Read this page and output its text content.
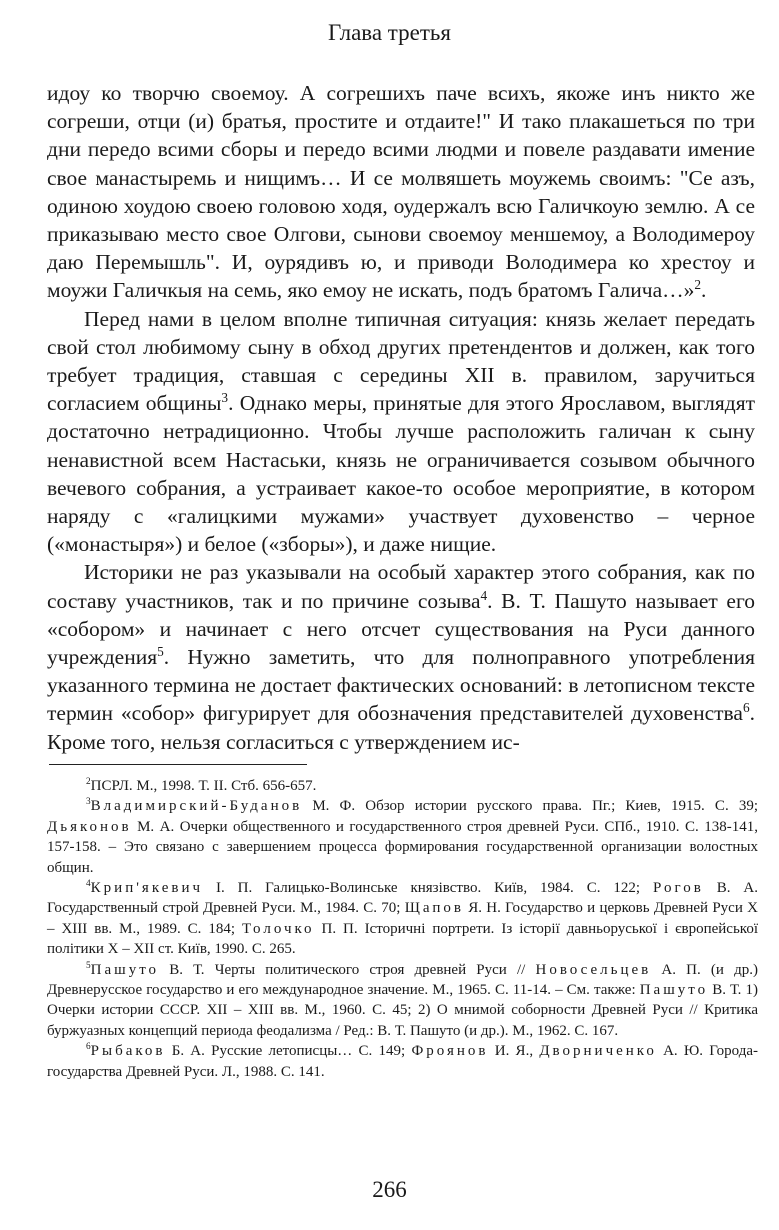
Глава третья

идоу ко творчю своемоу. А согрешихъ паче всихъ, якоже инъ никто же согреши, отци (и) братья, простите и отдаите!" И тако плакашеться по три дни передо всими сборы и передо всими людми и повеле раздавати имение свое манастыремь и нищимъ… И се молвяшеть моужемь своимъ: "Се азъ, одиною хоудою своею головою ходя, оудержалъ всю Галичкоую землю. А се приказываю место свое Олгови, сынови своемоу меншемоу, а Володимероу даю Перемышль". И, оурядивъ ю, и приводи Володимера ко хрестоу и моужи Галичкыя на семь, яко емоу не искать, подъ братомъ Галича…»$^2$.

Перед нами в целом вполне типичная ситуация: князь желает передать свой стол любимому сыну в обход других претендентов и должен, как того требует традиция, ставшая с середины XII в. правилом, заручиться согласием общины$^3$. Однако меры, принятые для этого Ярославом, выглядят достаточно нетрадиционно. Чтобы лучше расположить галичан к сыну ненавистной всем Настаськи, князь не ограничивается созывом обычного вечевого собрания, а устраивает какое-то особое мероприятие, в котором наряду с «галицкими мужами» участвует духовенство – черное («монастыря») и белое («зборы»), и даже нищие.

Историки не раз указывали на особый характер этого собрания, как по составу участников, так и по причине созыва$^4$. В. Т. Пашуто называет его «собором» и начинает с него отсчет существования на Руси данного учреждения$^5$. Нужно заметить, что для полноправного употребления указанного термина не достает фактических оснований: в летописном тексте термин «собор» фигурирует для обозначения представителей духовенства$^6$. Кроме того, нельзя согласиться с утверждением ис-

$^2$ПСРЛ. М., 1998. Т. II. Стб. 656-657.

$^3$Владимирский-Буданов М. Ф. Обзор истории русского права. Пг.; Киев, 1915. С. 39; Дьяконов М. А. Очерки общественного и государственного строя древней Руси. СПб., 1910. С. 138-141, 157-158. – Это связано с завершением процесса формирования государственной организации волостных общин.

$^4$Крип'якевич І. П. Галицько-Волинське князівство. Київ, 1984. С. 122; Рогов В. А. Государственный строй Древней Руси. М., 1984. С. 70; Щапов Я. Н. Государство и церковь Древней Руси X – XIII вв. М., 1989. С. 184; Толочко П. П. Історичні портрети. Із історії давньоруської і європейської політики X – XII ст. Київ, 1990. С. 265.

$^5$Пашуто В. Т. Черты политического строя древней Руси // Новосельцев А. П. (и др.) Древнерусское государство и его международное значение. М., 1965. С. 11-14. – См. также: Пашуто В. Т. 1) Очерки истории СССР. XII – XIII вв. М., 1960. С. 45; 2) О мнимой соборности Древней Руси // Критика буржуазных концепций периода феодализма / Ред.: В. Т. Пашуто (и др.). М., 1962. С. 167.

$^6$Рыбаков Б. А. Русские летописцы… С. 149; Фроянов И. Я., Дворниченко А. Ю. Города-государства Древней Руси. Л., 1988. С. 141.

266
